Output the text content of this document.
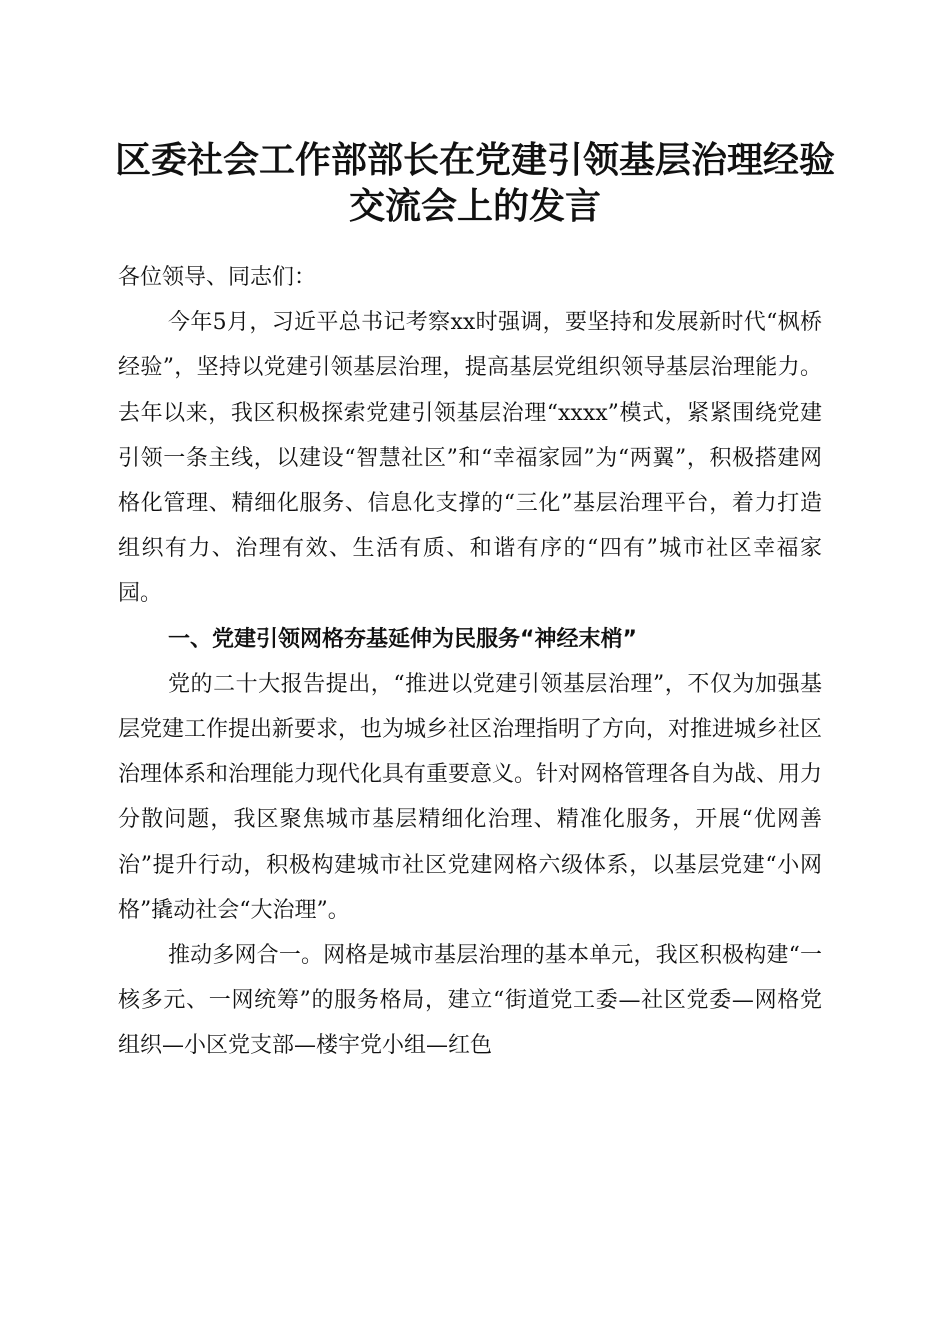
区委社会工作部部长在党建引领基层治理经验
交流会上的发言

各位领导、同志们：

今年5月，习近平总书记考察xx时强调，要坚持和发展新时代“枫桥经验”，坚持以党建引领基层治理，提高基层党组织领导基层治理能力。去年以来，我区积极探索党建引领基层治理“xxxx”模式，紧紧围绕党建引领一条主线，以建设“智慧社区”和“幸福家园”为“两翼”，积极搭建网格化管理、精细化服务、信息化支撑的“三化”基层治理平台，着力打造组织有力、治理有效、生活有质、和谐有序的“四有”城市社区幸福家园。

一、党建引领网格夯基延伸为民服务“神经末梢”

党的二十大报告提出，“推进以党建引领基层治理”，不仅为加强基层党建工作提出新要求，也为城乡社区治理指明了方向，对推进城乡社区治理体系和治理能力现代化具有重要意义。针对网格管理各自为战、用力分散问题，我区聚焦城市基层精细化治理、精准化服务，开展“优网善治”提升行动，积极构建城市社区党建网格六级体系，以基层党建“小网格”撬动社会“大治理”。

推动多网合一。网格是城市基层治理的基本单元，我区积极构建“一核多元、一网统筹”的服务格局，建立“街道党工委—社区党委—网格党组织—小区党支部—楼宇党小组—红色
